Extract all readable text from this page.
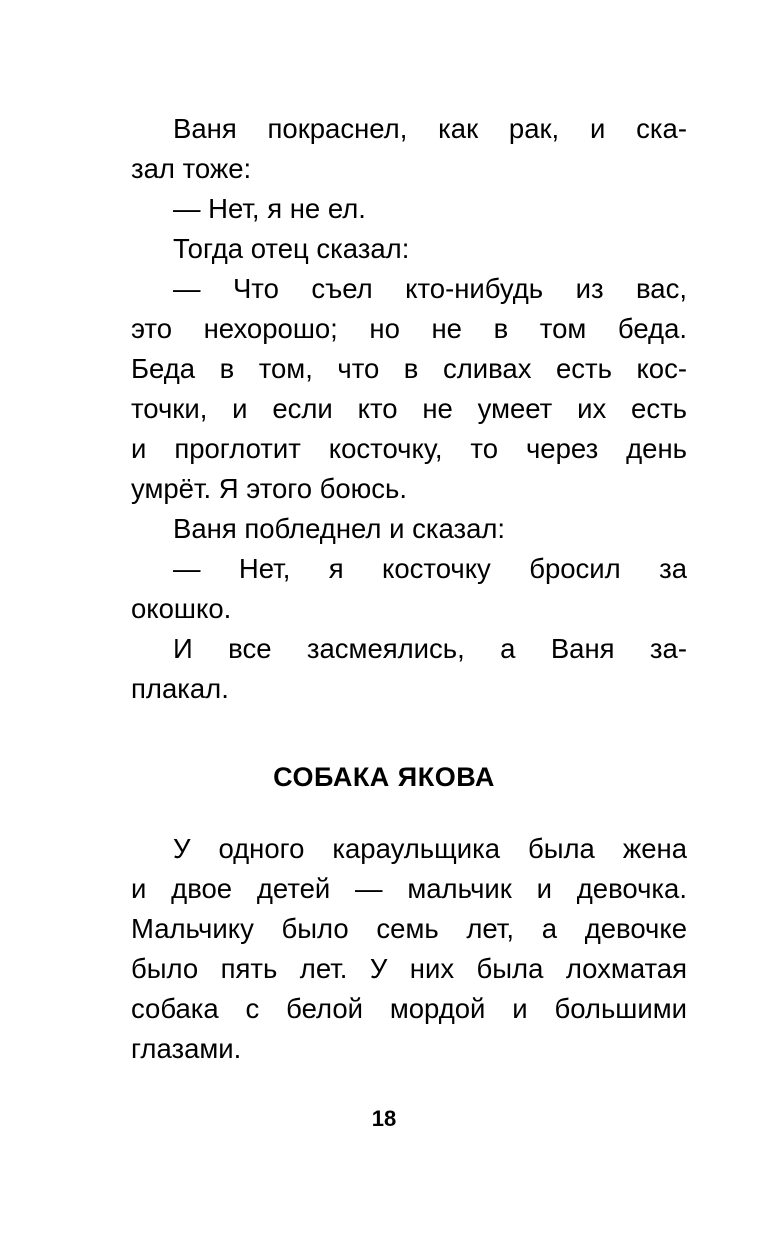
Ваня покраснел, как рак, и ска-
зал тоже:
— Нет, я не ел.
Тогда отец сказал:
— Что съел кто-нибудь из вас,
это нехорошо; но не в том беда.
Беда в том, что в сливах есть кос-
точки, и если кто не умеет их есть
и проглотит косточку, то через день
умрёт. Я этого боюсь.
Ваня побледнел и сказал:
— Нет, я косточку бросил за
окошко.
И все засмеялись, а Ваня за-
плакал.
СОБАКА ЯКОВА
У одного караульщика была жена
и двое детей — мальчик и девочка.
Мальчику было семь лет, а девочке
было пять лет. У них была лохматая
собака с белой мордой и большими
глазами.
18
